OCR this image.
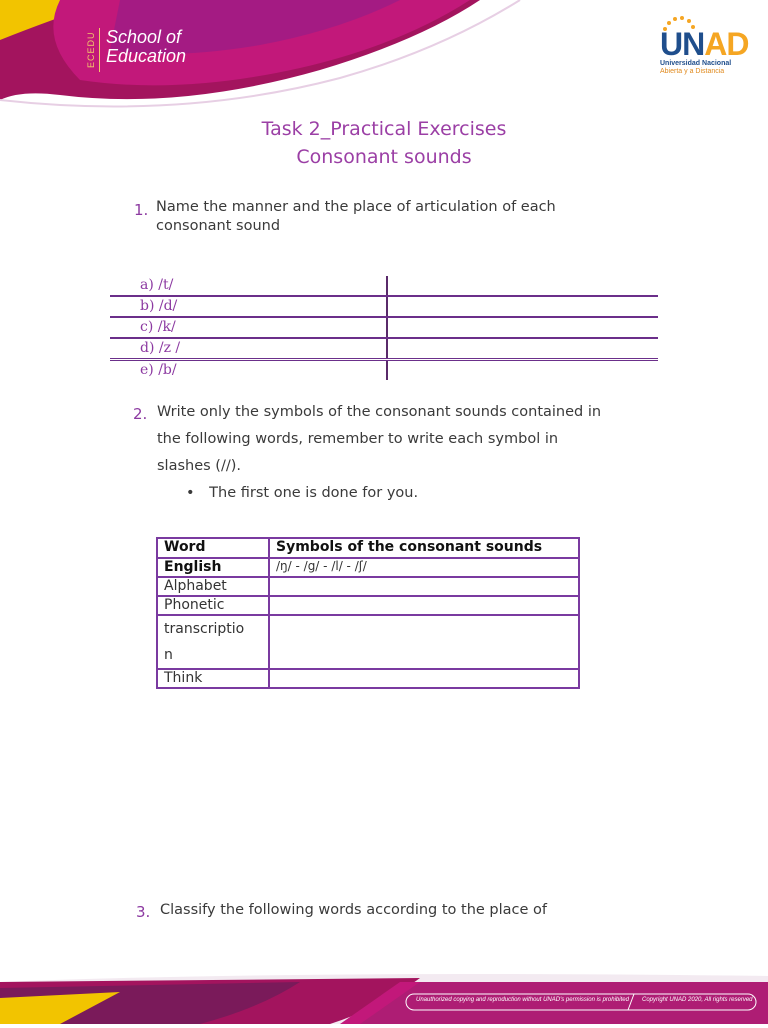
ECEDU School of
Education	UNAD
Universidad Nacional
Abierta y a Distancia
Task 2_Practical Exercises
Consonant sounds
1. Name the manner and the place of articulation of each
consonant sound
a) /t/
b) /d/
c) /k/
d) /z /
e) /b/
2. Write only the symbols of the consonant sounds contained in
the following words, remember to write each symbol in
slashes (//).
• The first one is done for you.
Word	Symbols of the consonant sounds
English	/ŋ/ - /g/ - /l/ - /ʃ/
Alphabet	
Phonetic	

transcriptio
n	

Think	
3. Classify the following words according to the place of
Unauthorized copying and reproduction without UNAD's permission is prohibited Copyright UNAD 2020, All rights reserved
